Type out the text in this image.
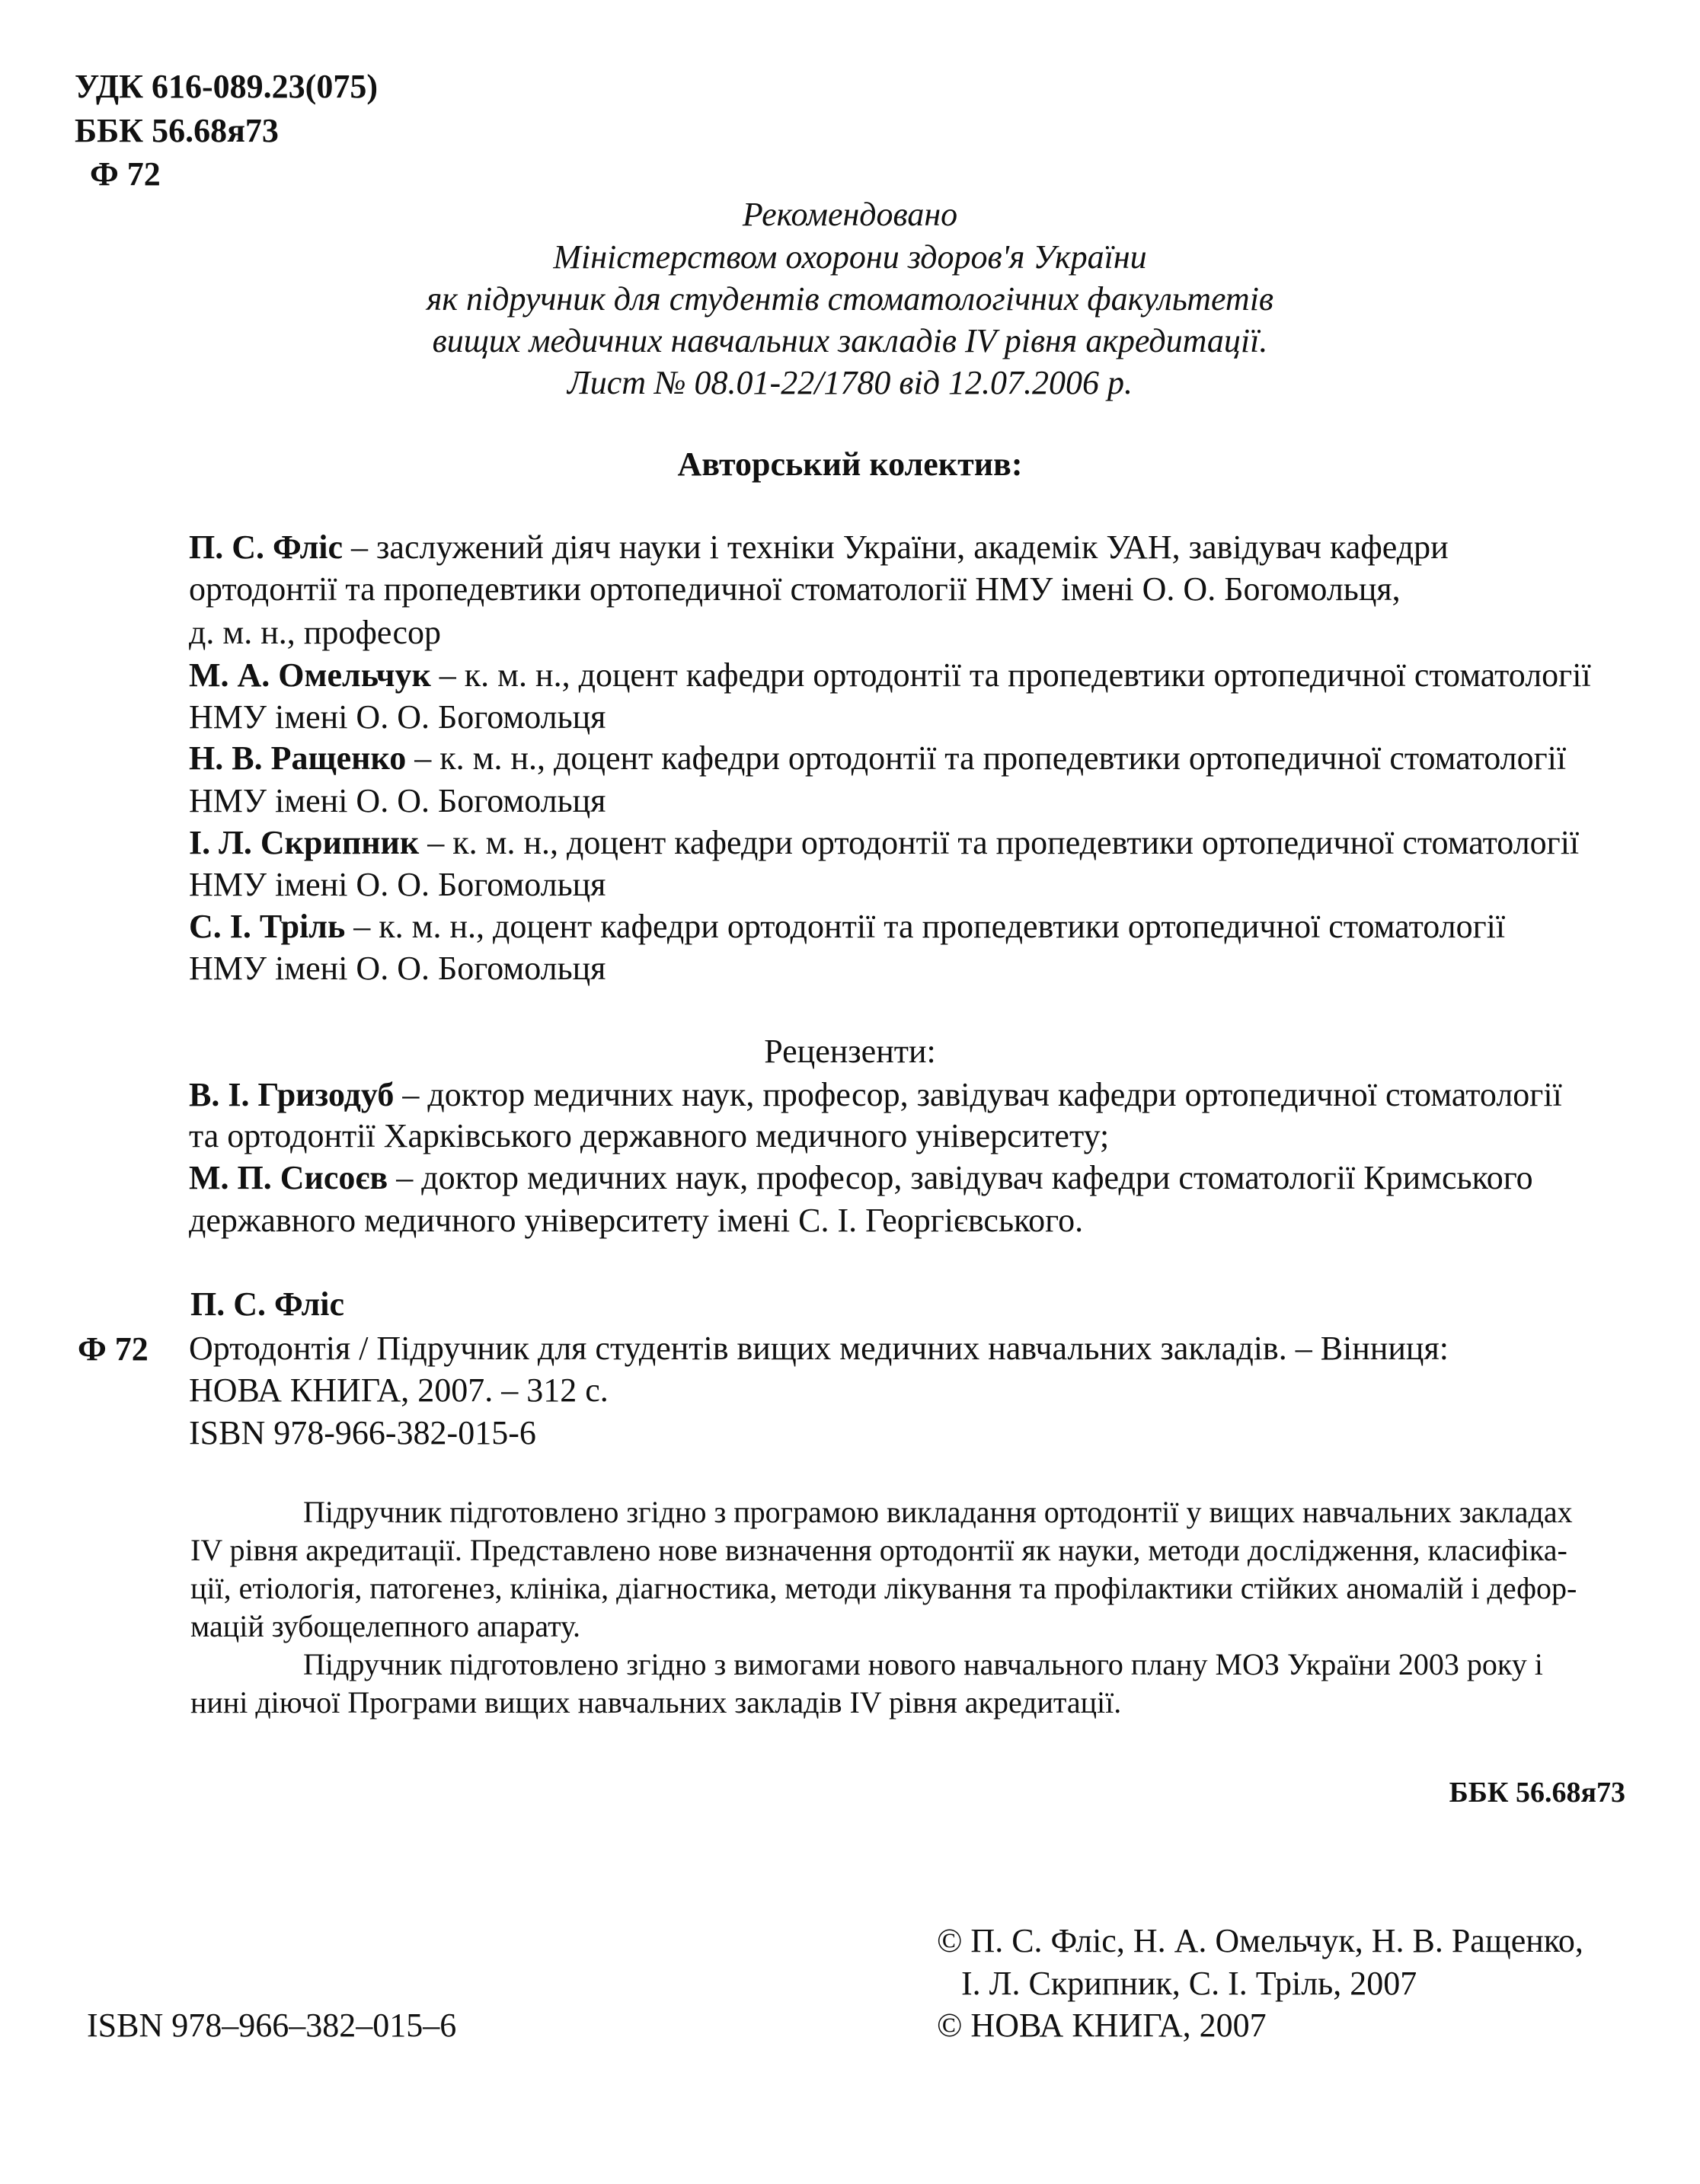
УДК 616-089.23(075)
ББК 56.68я73
Ф 72
Рекомендовано
Міністерством охорони здоров'я України
як підручник для студентів стоматологічних факультетів
вищих медичних навчальних закладів IV рівня акредитації.
Лист № 08.01-22/1780 від 12.07.2006 р.
Авторський колектив:
П. С. Фліс – заслужений діяч науки і техніки України, академік УАН, завідувач кафедри
ортодонтії та пропедевтики ортопедичної стоматології НМУ імені О. О. Богомольця,
д. м. н., професор
М. А. Омельчук – к. м. н., доцент кафедри ортодонтії та пропедевтики ортопедичної стоматології
НМУ імені О. О. Богомольця
Н. В. Ращенко – к. м. н., доцент кафедри ортодонтії та пропедевтики ортопедичної стоматології
НМУ імені О. О. Богомольця
І. Л. Скрипник – к. м. н., доцент кафедри ортодонтії та пропедевтики ортопедичної стоматології
НМУ імені О. О. Богомольця
С. І. Тріль – к. м. н., доцент кафедри ортодонтії та пропедевтики ортопедичної стоматології
НМУ імені О. О. Богомольця
Рецензенти:
В. І. Гризодуб – доктор медичних наук, професор, завідувач кафедри ортопедичної стоматології
та ортодонтії Харківського державного медичного університету;
М. П. Сисоєв – доктор медичних наук, професор, завідувач кафедри стоматології Кримського
державного медичного університету імені С. І. Георгієвського.
П. С. Фліс
Ф 72 Ортодонтія / Підручник для студентів вищих медичних навчальних закладів. – Вінниця:
НОВА КНИГА, 2007. – 312 с.
ISBN 978-966-382-015-6
Підручник підготовлено згідно з програмою викладання ортодонтії у вищих навчальних закладах
IV рівня акредитації. Представлено нове визначення ортодонтії як науки, методи дослідження, класифіка-
ції, етіологія, патогенез, клініка, діагностика, методи лікування та профілактики стійких аномалій і дефор-
мацій зубощелепного апарату.
Підручник підготовлено згідно з вимогами нового навчального плану МОЗ України 2003 року і
нині діючої Програми вищих навчальних закладів IV рівня акредитації.
ББК 56.68я73
© П. С. Фліс, Н. А. Омельчук, Н. В. Ращенко,
І. Л. Скрипник, С. І. Тріль, 2007
© НОВА КНИГА, 2007
ISBN 978–966–382–015–6
